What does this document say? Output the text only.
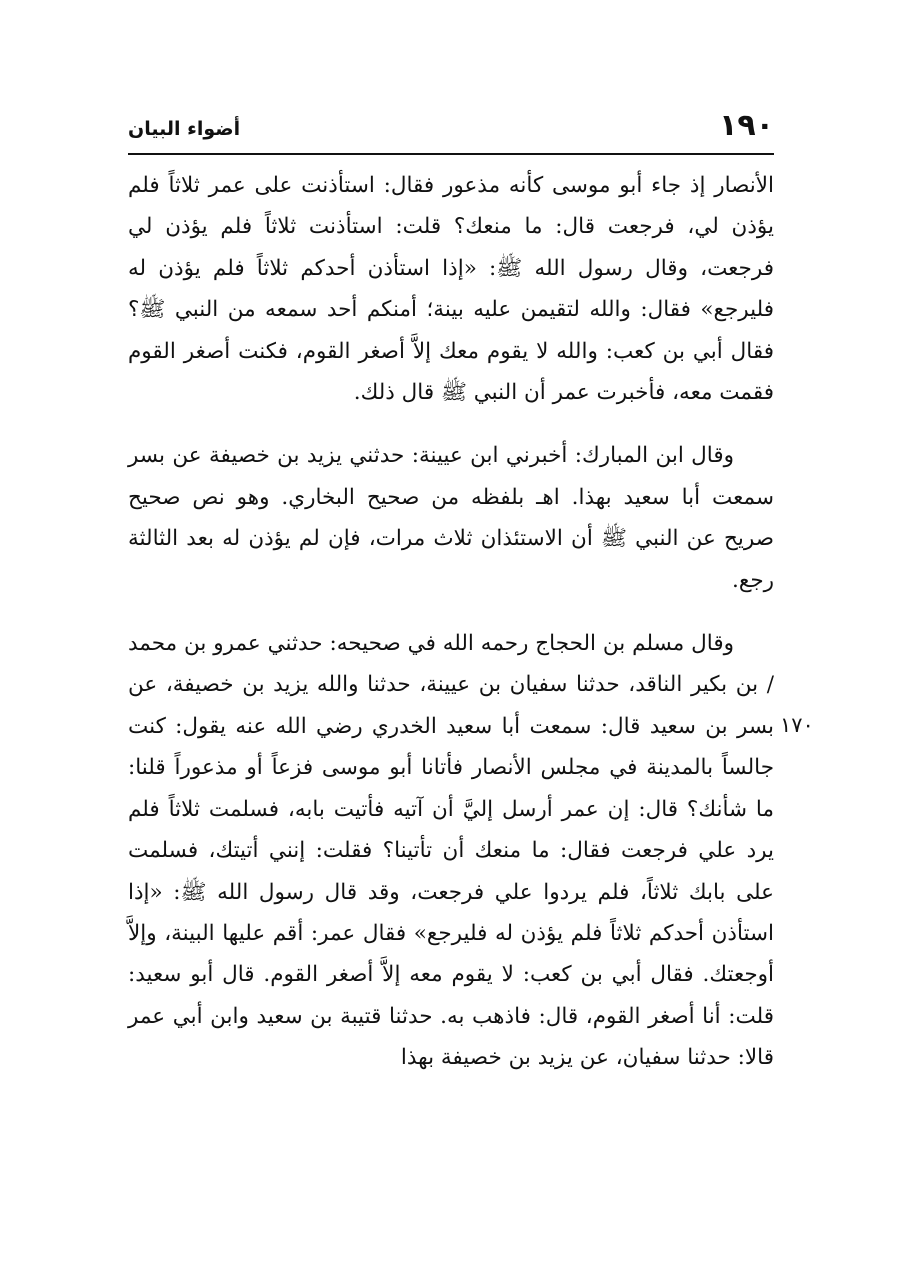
١٩٠
أضواء البيان

الأنصار إذ جاء أبو موسى كأنه مذعور فقال: استأذنت على عمر ثلاثاً فلم يؤذن لي، فرجعت قال: ما منعك؟ قلت: استأذنت ثلاثاً فلم يؤذن لي فرجعت، وقال رسول الله ﷺ: «إذا استأذن أحدكم ثلاثاً فلم يؤذن له فليرجع» فقال: والله لتقيمن عليه بينة؛ أمنكم أحد سمعه من النبي ﷺ؟ فقال أبي بن كعب: والله لا يقوم معك إلاَّ أصغر القوم، فكنت أصغر القوم فقمت معه، فأخبرت عمر أن النبي ﷺ قال ذلك.

وقال ابن المبارك: أخبرني ابن عيينة: حدثني يزيد بن خصيفة عن بسر سمعت أبا سعيد بهذا. اهـ بلفظه من صحيح البخاري. وهو نص صحيح صريح عن النبي ﷺ أن الاستئذان ثلاث مرات، فإن لم يؤذن له بعد الثالثة رجع.

وقال مسلم بن الحجاج رحمه الله في صحيحه: حدثني عمرو بن محمد / بن بكير الناقد، حدثنا سفيان بن عيينة، حدثنا والله يزيد بن خصيفة، عن بسر بن سعيد قال: سمعت أبا سعيد الخدري رضي الله عنه يقول: كنت جالساً بالمدينة في مجلس الأنصار فأتانا أبو موسى فزعاً أو مذعوراً قلنا: ما شأنك؟ قال: إن عمر أرسل إليَّ أن آتيه فأتيت بابه، فسلمت ثلاثاً فلم يرد علي فرجعت فقال: ما منعك أن تأتينا؟ فقلت: إنني أتيتك، فسلمت على بابك ثلاثاً، فلم يردوا علي فرجعت، وقد قال رسول الله ﷺ: «إذا استأذن أحدكم ثلاثاً فلم يؤذن له فليرجع» فقال عمر: أقم عليها البينة، وإلاَّ أوجعتك. فقال أبي بن كعب: لا يقوم معه إلاَّ أصغر القوم. قال أبو سعيد: قلت: أنا أصغر القوم، قال: فاذهب به. حدثنا قتيبة بن سعيد وابن أبي عمر قالا: حدثنا سفيان، عن يزيد بن خصيفة بهذا

١٧٠
